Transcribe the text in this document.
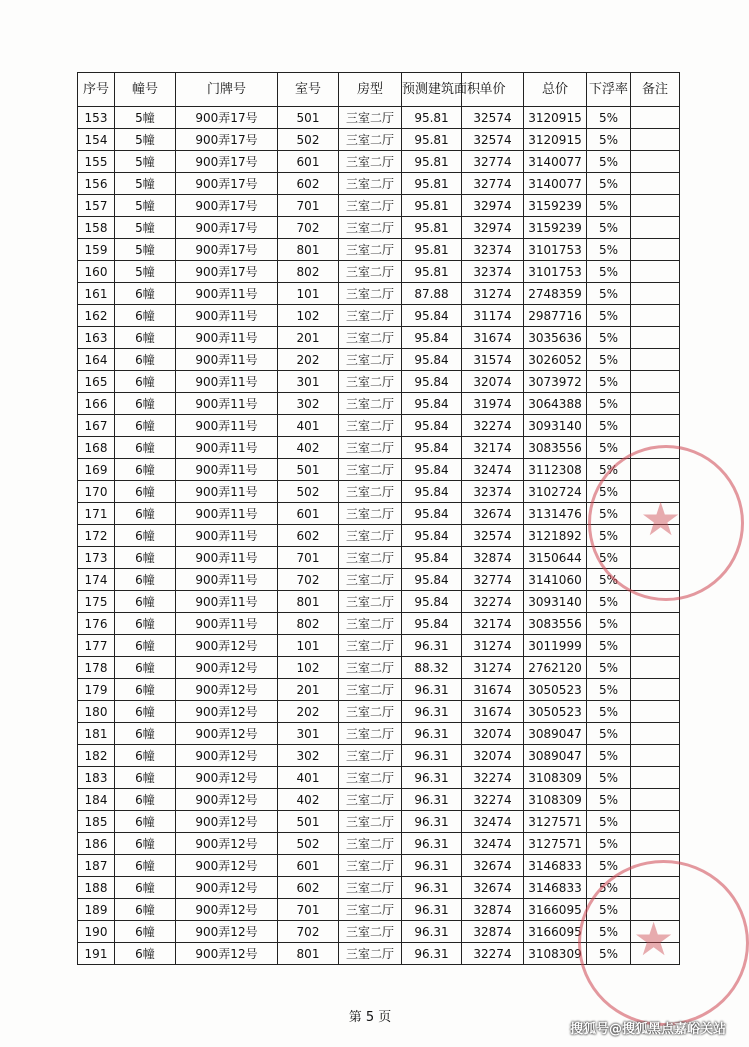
序号	幢号	门牌号	室号	房型	预测建筑面积	单价	总价	下浮率	备注
153	5幢	900弄17号	501	三室二厅	95.81	32574	3120915	5%	
154	5幢	900弄17号	502	三室二厅	95.81	32574	3120915	5%	
155	5幢	900弄17号	601	三室二厅	95.81	32774	3140077	5%	
156	5幢	900弄17号	602	三室二厅	95.81	32774	3140077	5%	
157	5幢	900弄17号	701	三室二厅	95.81	32974	3159239	5%	
158	5幢	900弄17号	702	三室二厅	95.81	32974	3159239	5%	
159	5幢	900弄17号	801	三室二厅	95.81	32374	3101753	5%	
160	5幢	900弄17号	802	三室二厅	95.81	32374	3101753	5%	
161	6幢	900弄11号	101	三室二厅	87.88	31274	2748359	5%	
162	6幢	900弄11号	102	三室二厅	95.84	31174	2987716	5%	
163	6幢	900弄11号	201	三室二厅	95.84	31674	3035636	5%	
164	6幢	900弄11号	202	三室二厅	95.84	31574	3026052	5%	
165	6幢	900弄11号	301	三室二厅	95.84	32074	3073972	5%	
166	6幢	900弄11号	302	三室二厅	95.84	31974	3064388	5%	
167	6幢	900弄11号	401	三室二厅	95.84	32274	3093140	5%	
168	6幢	900弄11号	402	三室二厅	95.84	32174	3083556	5%	
169	6幢	900弄11号	501	三室二厅	95.84	32474	3112308	5%	
170	6幢	900弄11号	502	三室二厅	95.84	32374	3102724	5%	
171	6幢	900弄11号	601	三室二厅	95.84	32674	3131476	5%	
172	6幢	900弄11号	602	三室二厅	95.84	32574	3121892	5%	
173	6幢	900弄11号	701	三室二厅	95.84	32874	3150644	5%	
174	6幢	900弄11号	702	三室二厅	95.84	32774	3141060	5%	
175	6幢	900弄11号	801	三室二厅	95.84	32274	3093140	5%	
176	6幢	900弄11号	802	三室二厅	95.84	32174	3083556	5%	
177	6幢	900弄12号	101	三室二厅	96.31	31274	3011999	5%	
178	6幢	900弄12号	102	三室二厅	88.32	31274	2762120	5%	
179	6幢	900弄12号	201	三室二厅	96.31	31674	3050523	5%	
180	6幢	900弄12号	202	三室二厅	96.31	31674	3050523	5%	
181	6幢	900弄12号	301	三室二厅	96.31	32074	3089047	5%	
182	6幢	900弄12号	302	三室二厅	96.31	32074	3089047	5%	
183	6幢	900弄12号	401	三室二厅	96.31	32274	3108309	5%	
184	6幢	900弄12号	402	三室二厅	96.31	32274	3108309	5%	
185	6幢	900弄12号	501	三室二厅	96.31	32474	3127571	5%	
186	6幢	900弄12号	502	三室二厅	96.31	32474	3127571	5%	
187	6幢	900弄12号	601	三室二厅	96.31	32674	3146833	5%	
188	6幢	900弄12号	602	三室二厅	96.31	32674	3146833	5%	
189	6幢	900弄12号	701	三室二厅	96.31	32874	3166095	5%	
190	6幢	900弄12号	702	三室二厅	96.31	32874	3166095	5%	
191	6幢	900弄12号	801	三室二厅	96.31	32274	3108309	5%	
★
★
第 5 页
搜狐号@搜狐黑点嘉峪关站
